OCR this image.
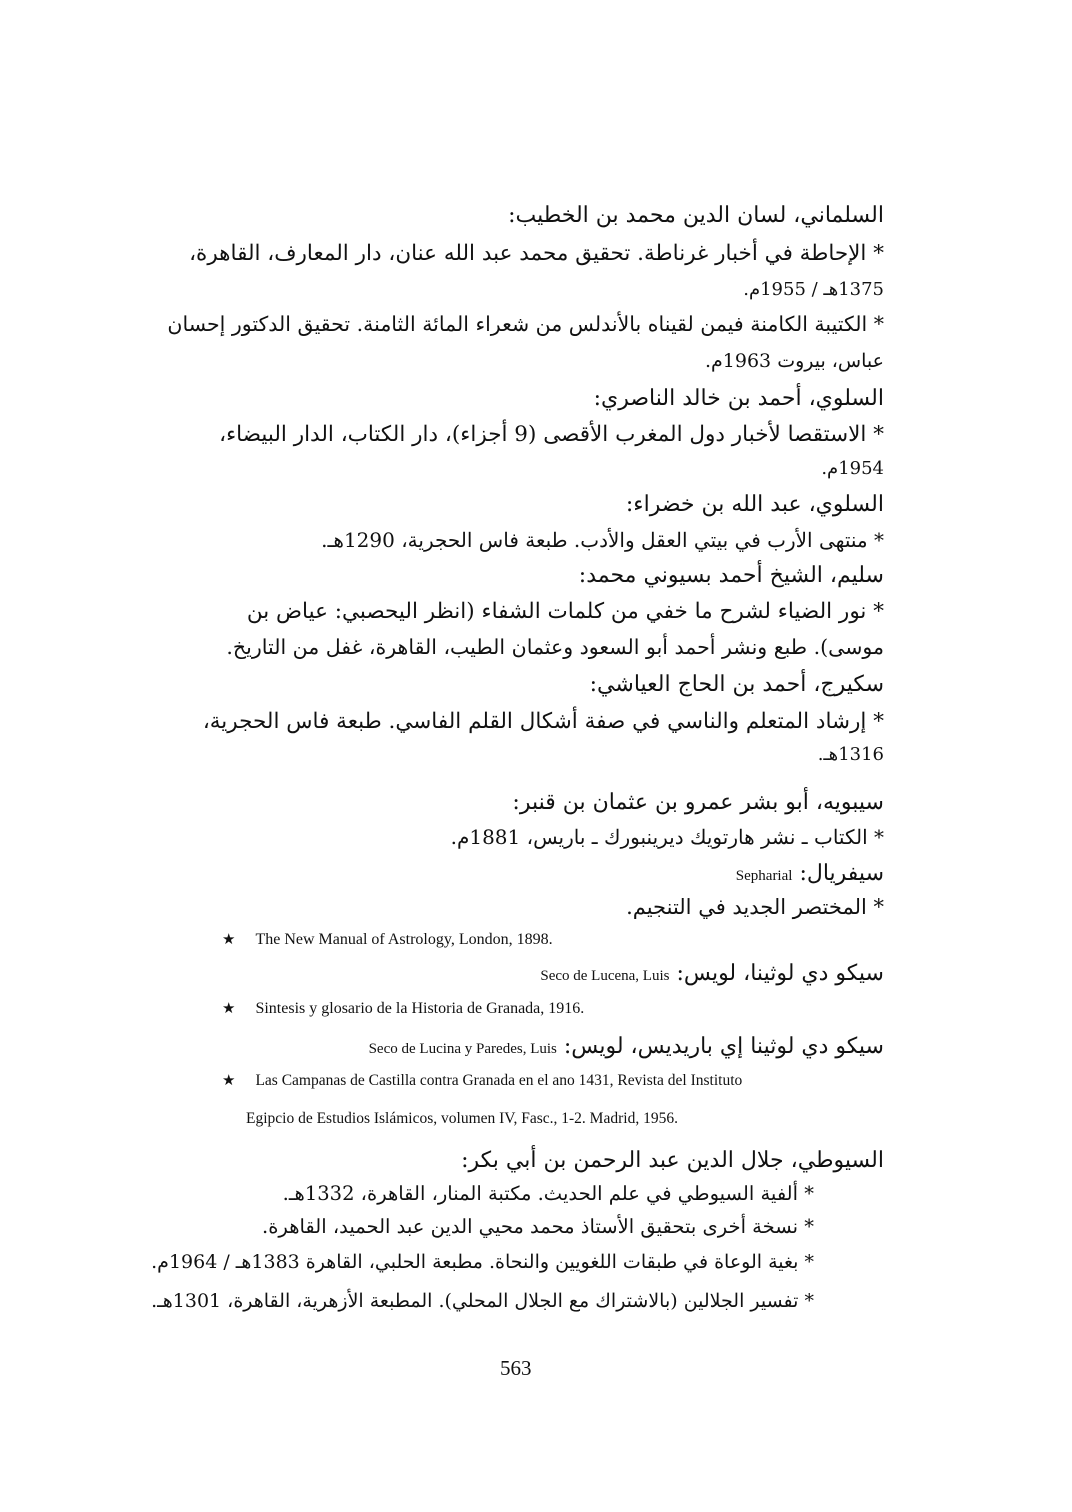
السلماني، لسان الدين محمد بن الخطيب:
* الإحاطة في أخبار غرناطة. تحقيق محمد عبد الله عنان، دار المعارف، القاهرة،
1375هـ / 1955م.
* الكتيبة الكامنة فيمن لقيناه بالأندلس من شعراء المائة الثامنة. تحقيق الدكتور إحسان
عباس، بيروت 1963م.
السلوي، أحمد بن خالد الناصري:
* الاستقصا لأخبار دول المغرب الأقصى (9 أجزاء)، دار الكتاب، الدار البيضاء،
1954م.
السلوي، عبد الله بن خضراء:
* منتهى الأرب في بيتي العقل والأدب. طبعة فاس الحجرية، 1290هـ.
سليم، الشيخ أحمد بسيوني محمد:
* نور الضياء لشرح ما خفي من كلمات الشفاء (انظر اليحصبي: عياض بن
موسى). طبع ونشر أحمد أبو السعود وعثمان الطيب، القاهرة، غفل من التاريخ.
سكيرج، أحمد بن الحاج العياشي:
* إرشاد المتعلم والناسي في صفة أشكال القلم الفاسي. طبعة فاس الحجرية،
1316هـ.
سيبويه، أبو بشر عمرو بن عثمان بن قنبر:
* الكتاب ـ نشر هارتويك ديرينبورك ـ باريس، 1881م.
سيفريال: Sepharial
* المختصر الجديد في التنجيم.
★ The New Manual of Astrology, London, 1898.
سيكو دي لوثينا، لويس: Seco de Lucena, Luis
★ Sintesis y glosario de la Historia de Granada, 1916.
سيكو دي لوثينا إي باريديس، لويس: Seco de Lucina y Paredes, Luis
★ Las Campanas de Castilla contra Granada en el ano 1431, Revista del Instituto
Egipcio de Estudios Islámicos, volumen IV, Fasc., 1-2. Madrid, 1956.
السيوطي، جلال الدين عبد الرحمن بن أبي بكر:
* ألفية السيوطي في علم الحديث. مكتبة المنار، القاهرة، 1332هـ.
* نسخة أخرى بتحقيق الأستاذ محمد محيي الدين عبد الحميد، القاهرة.
* بغية الوعاة في طبقات اللغويين والنحاة. مطبعة الحلبي، القاهرة 1383هـ / 1964م.
* تفسير الجلالين (بالاشتراك مع الجلال المحلي). المطبعة الأزهرية، القاهرة، 1301هـ.
563
